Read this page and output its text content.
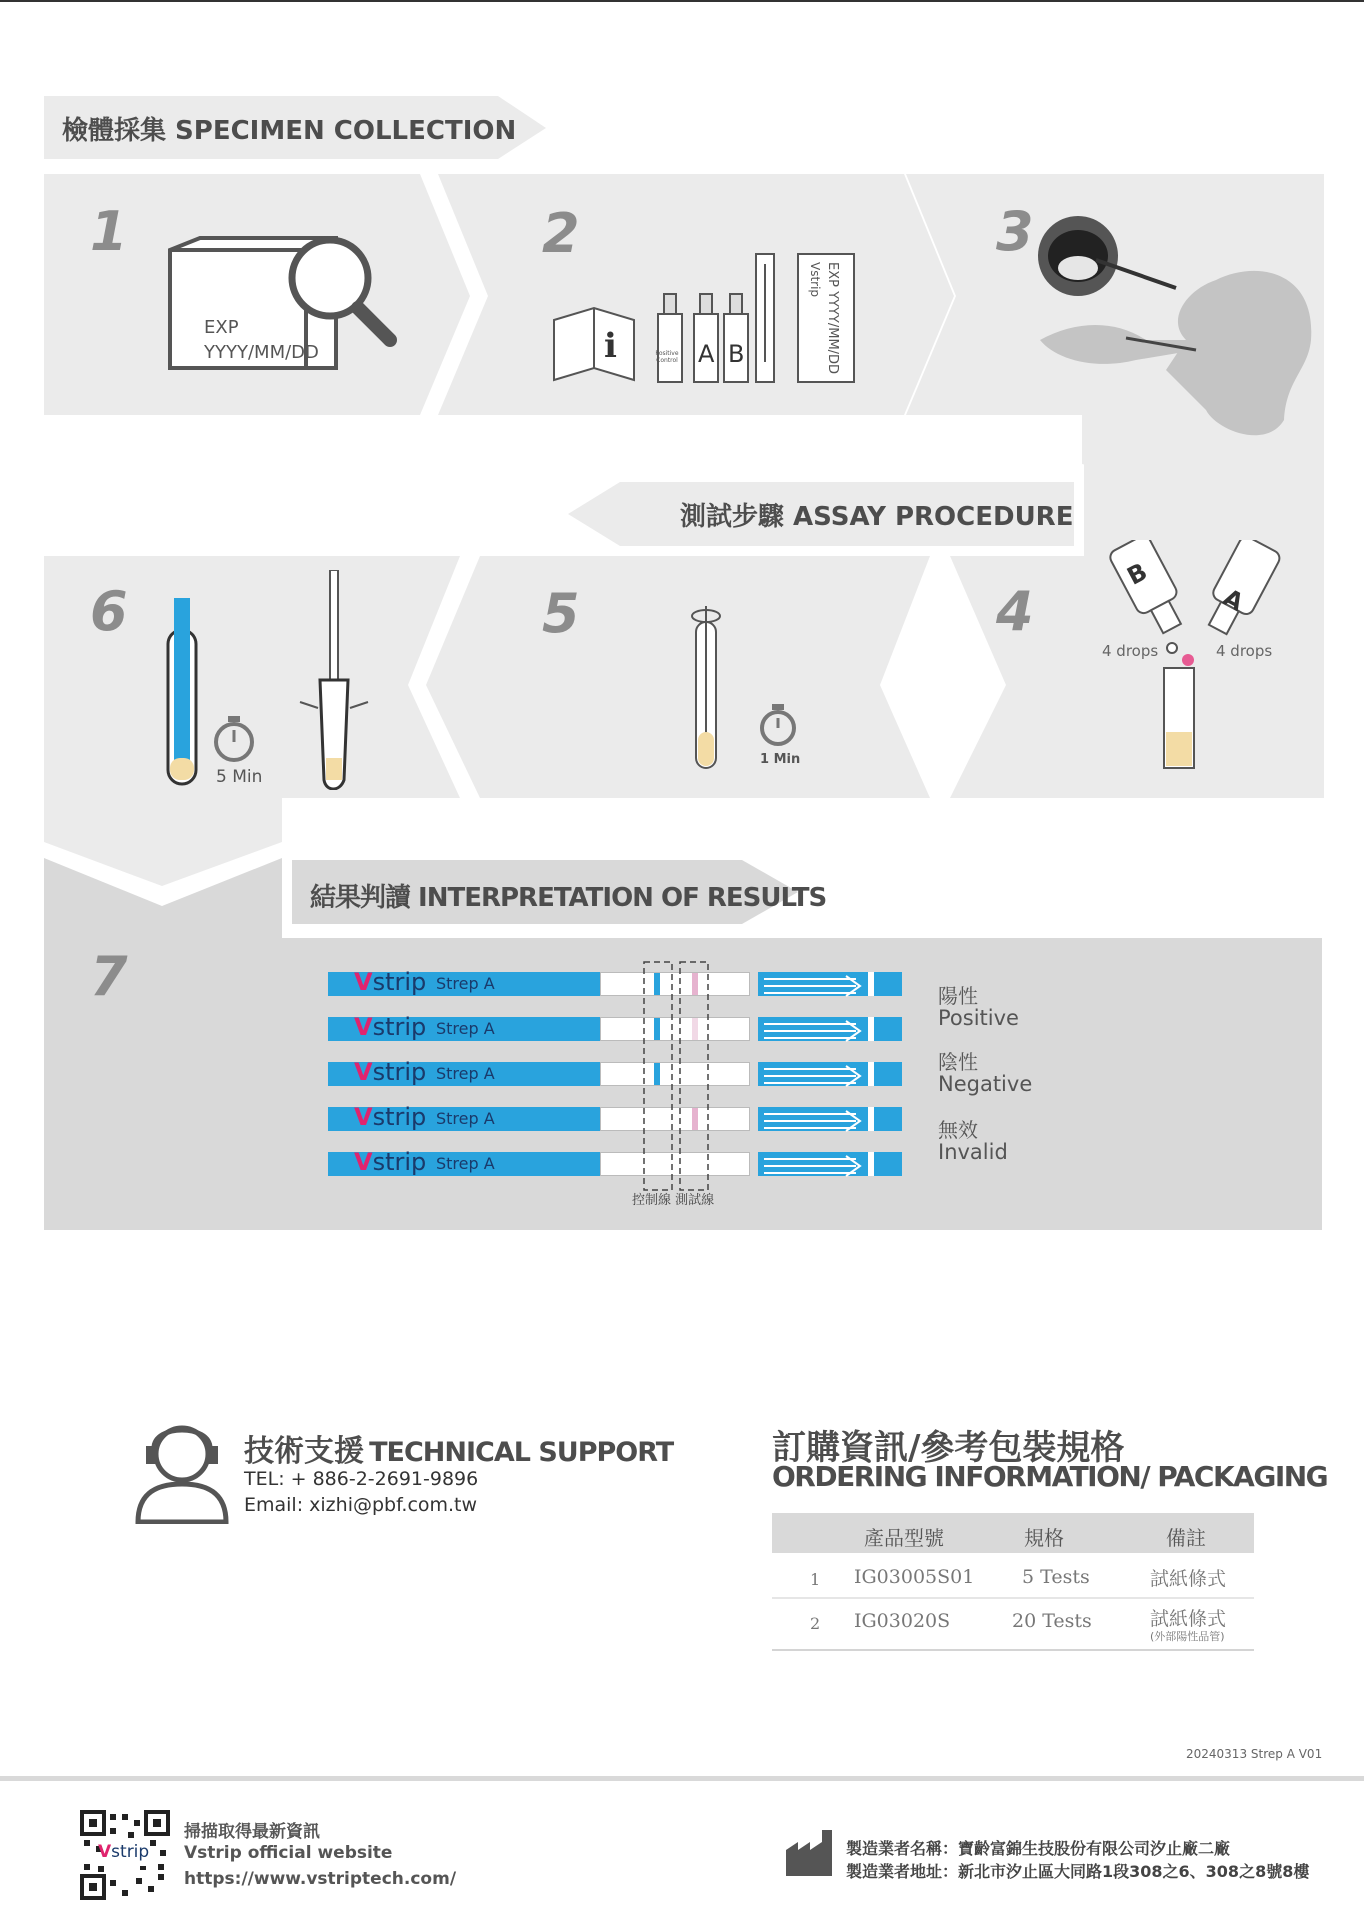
檢體採集 SPECIMEN COLLECTION
測試步驟 ASSAY PROCEDURE
結果判讀 INTERPRETATION OF RESULTS
1	2	3
4
5
6
7
EXP
YYYY/MM/DD	i	Positive Control A B
Vstrip EXP YYYY/MM/DD
B
A
4 drops	4 drops
1 Min
5 Min
Vstrip Strep A
Vstrip Strep A
Vstrip Strep A
Vstrip Strep A
Vstrip Strep A
陽性
Positive
陰性
Negative
無效
Invalid
控制線 測試線
技術支援 TECHNICAL SUPPORT
TEL: + 886-2-2691-9896
Email: xizhi@pbf.com.tw
訂購資訊/參考包裝規格
ORDERING INFORMATION/ PACKAGING
產品型號	規格	備註
1 IG03005S01	5 Tests	試紙條式
2 IG03020S	20 Tests	試紙條式
(外部陽性品管)
20240313 Strep A V01
Vstrip
掃描取得最新資訊
Vstrip official website
https://www.vstriptech.com/
製造業者名稱：寶齡富錦生技股份有限公司汐止廠二廠
製造業者地址：新北市汐止區大同路1段308之6、308之8號8樓
